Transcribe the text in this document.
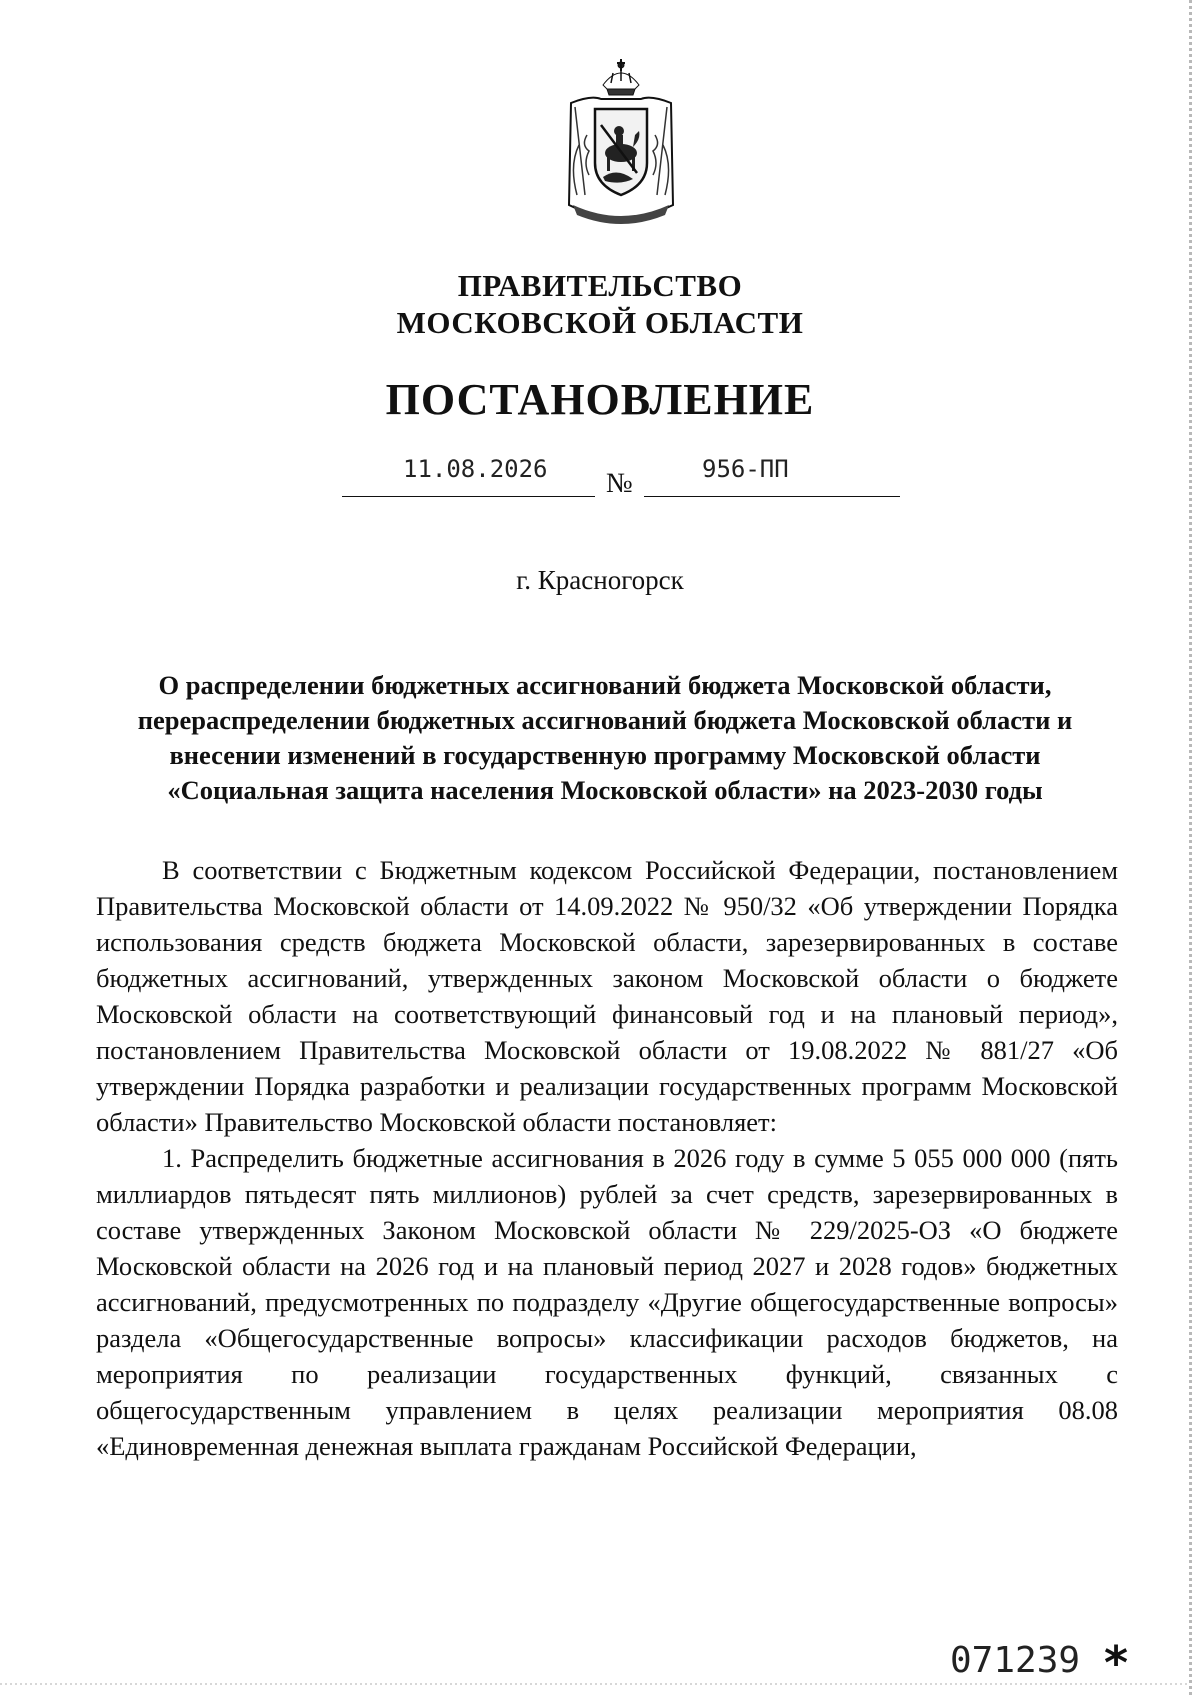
ПРАВИТЕЛЬСТВО
МОСКОВСКОЙ ОБЛАСТИ
ПОСТАНОВЛЕНИЕ
11.08.2026 №	956-ПП
г. Красногорск
О распределении бюджетных ассигнований бюджета Московской области, перераспределении бюджетных ассигнований бюджета Московской области и внесении изменений в государственную программу Московской области «Социальная защита населения Московской области» на 2023-2030 годы

В соответствии с Бюджетным кодексом Российской Федерации, постановлением Правительства Московской области от 14.09.2022 № 950/32 «Об утверждении Порядка использования средств бюджета Московской области, зарезервированных в составе бюджетных ассигнований, утвержденных законом Московской области о бюджете Московской области на соответствующий финансовый год и на плановый период», постановлением Правительства Московской области от 19.08.2022 № 881/27 «Об утверждении Порядка разработки и реализации государственных программ Московской области» Правительство Московской области постановляет:

1. Распределить бюджетные ассигнования в 2026 году в сумме 5 055 000 000 (пять миллиардов пятьдесят пять миллионов) рублей за счет средств, зарезервированных в составе утвержденных Законом Московской области № 229/2025-ОЗ «О бюджете Московской области на 2026 год и на плановый период 2027 и 2028 годов» бюджетных ассигнований, предусмотренных по подразделу «Другие общегосударственные вопросы» раздела «Общегосударственные вопросы» классификации расходов бюджетов, на мероприятия по реализации государственных функций, связанных с общегосударственным управлением в целях реализации мероприятия 08.08 «Единовременная денежная выплата гражданам Российской Федерации,

071239 *
